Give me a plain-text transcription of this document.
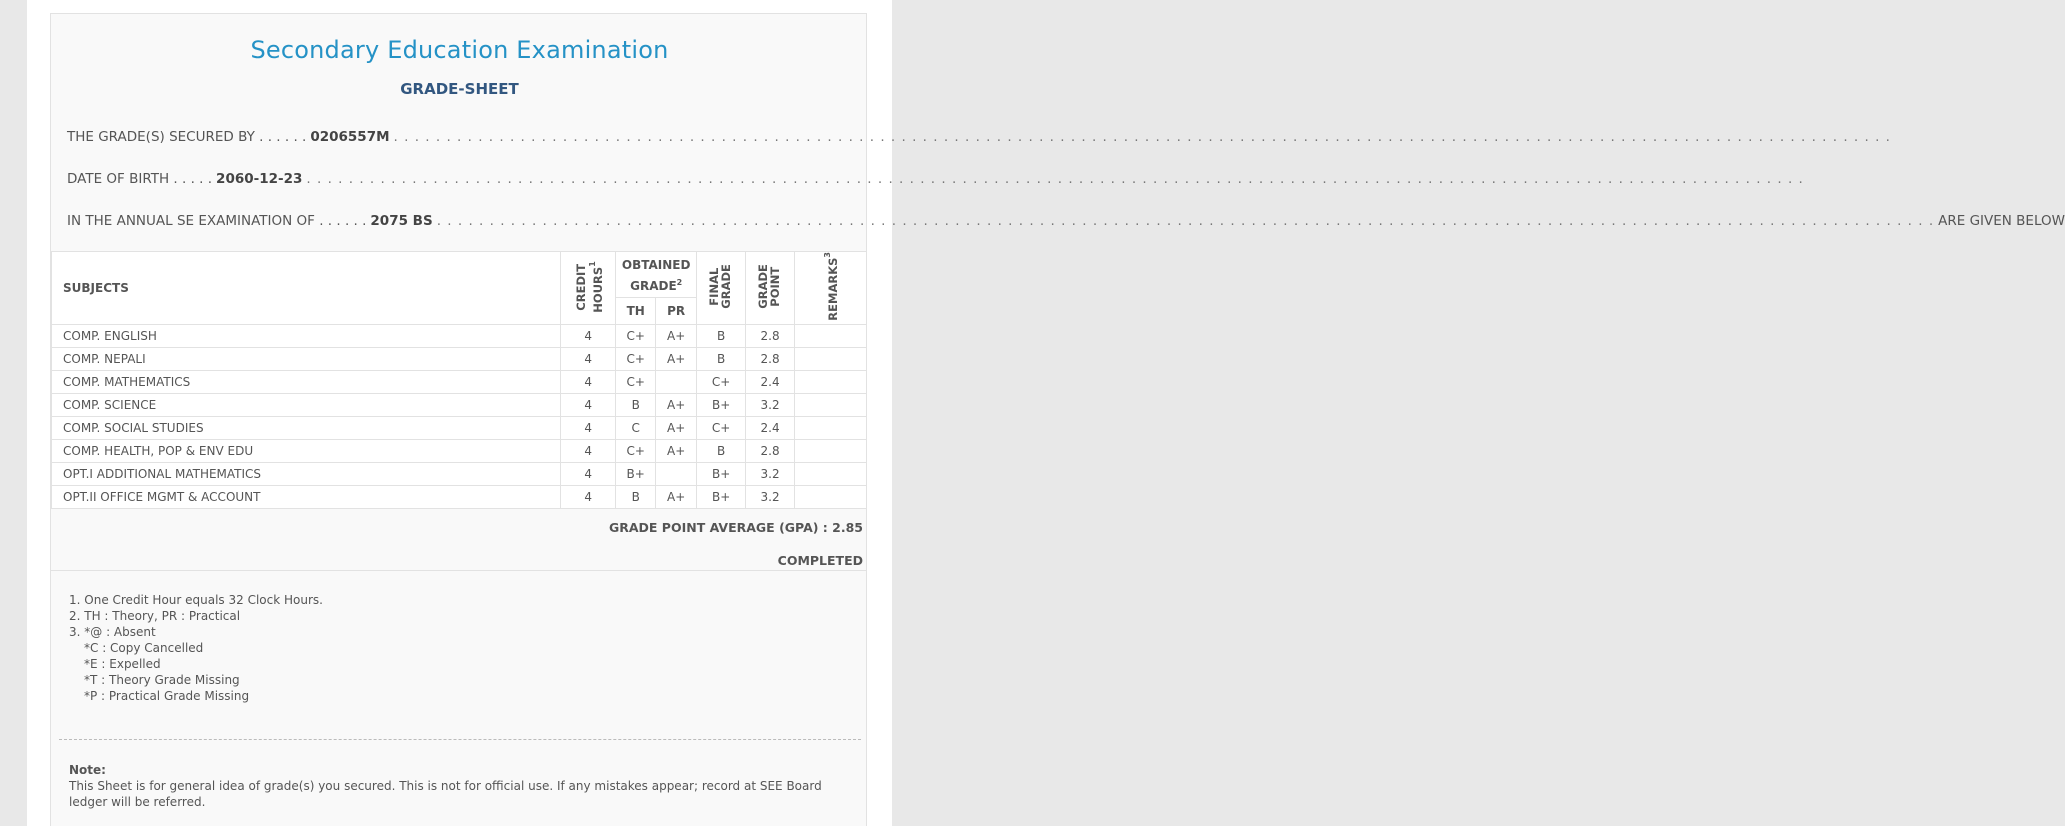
Secondary Education Examination
GRADE-SHEET
THE GRADE(S) SECURED BY . . . . . . 0206557M . . . . . . . . . . . . . . . . . . . . . . . . . . . . . . . . . . . . . . . . . . . . . . . . . . . . . . . . . . . . . . . . . . . . . . . . . . . . . . . . . . . . . . . . . . . . . . . . . . . . . . . . . . . . . . . . . . . . . . . . . . . . . . . . . . . . . . . . . . . . . .
DATE OF BIRTH . . . . . 2060-12-23 . . . . . . . . . . . . . . . . . . . . . . . . . . . . . . . . . . . . . . . . . . . . . . . . . . . . . . . . . . . . . . . . . . . . . . . . . . . . . . . . . . . . . . . . . . . . . . . . . . . . . . . . . . . . . . . . . . . . . . . . . . . . . . . . . . . . . . . . . . . . . .
IN THE ANNUAL SE EXAMINATION OF . . . . . . 2075 BS . . . . . . . . . . . . . . . . . . . . . . . . . . . . . . . . . . . . . . . . . . . . . . . . . . . . . . . . . . . . . . . . . . . . . . . . . . . . . . . . . . . . . . . . . . . . . . . . . . . . . . . . . . . . . . . . . . . . . . . . . . . . . . . . . . . . . . . . . . . . . . ARE GIVEN BELOW
SUBJECTS	CREDIT HOURS$^1$	OBTAINED GRADE$^2$		FINAL GRADE	GRADE POINT	REMARKS$^3$
		TH	PR			
COMP. ENGLISH	4	C+	A+	B	2.8	
COMP. NEPALI	4	C+	A+	B	2.8	
COMP. MATHEMATICS	4	C+		C+	2.4	
COMP. SCIENCE	4	B	A+	B+	3.2	
COMP. SOCIAL STUDIES	4	C	A+	C+	2.4	
COMP. HEALTH, POP & ENV EDU	4	C+	A+	B	2.8	
OPT.I ADDITIONAL MATHEMATICS	4	B+		B+	3.2	
OPT.II OFFICE MGMT & ACCOUNT	4	B	A+	B+	3.2	
GRADE POINT AVERAGE (GPA) : 2.85
COMPLETED
1. One Credit Hour equals 32 Clock Hours.
2. TH : Theory, PR : Practical
3. *@ : Absent
*C : Copy Cancelled
*E : Expelled
*T : Theory Grade Missing
*P : Practical Grade Missing
Note:
This Sheet is for general idea of grade(s) you secured. This is not for official use. If any mistakes appear; record at SEE Board ledger will be referred.
